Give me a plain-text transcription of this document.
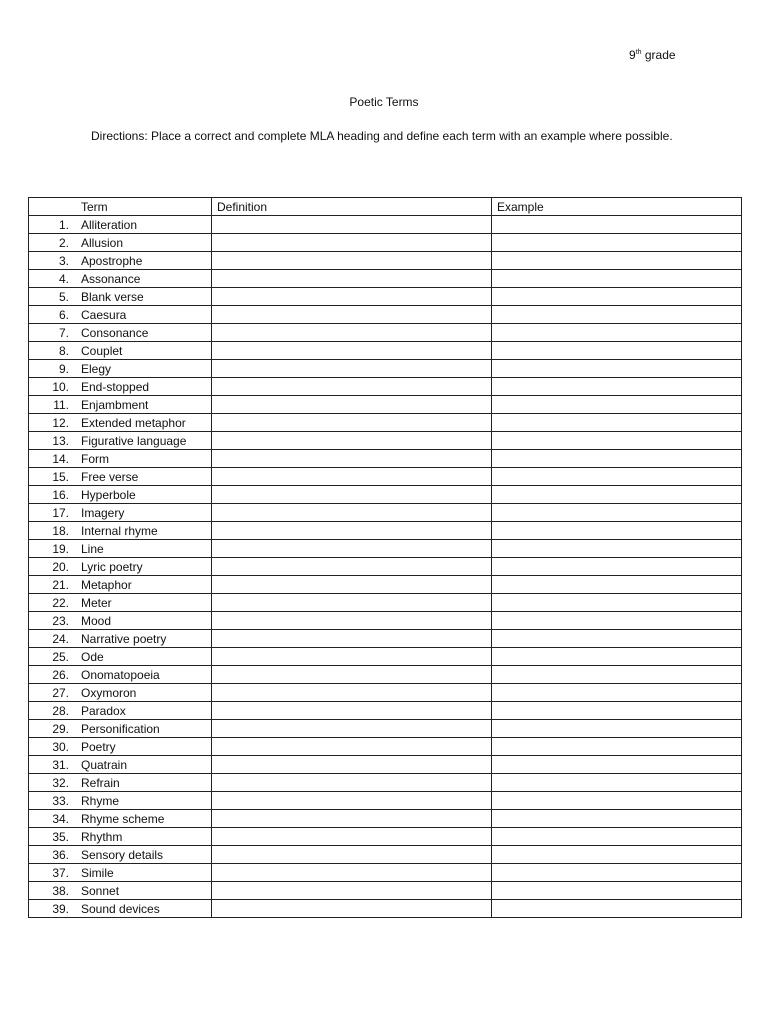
9th grade
Poetic Terms
Directions: Place a correct and complete MLA heading and define each term with an example where possible.
Term	Definition	Example
1. Alliteration		
2. Allusion		
3. Apostrophe		
4. Assonance		
5. Blank verse		
6. Caesura		
7. Consonance		
8. Couplet		
9. Elegy		
10. End-stopped		
11. Enjambment		
12. Extended metaphor		
13. Figurative language		
14. Form		
15. Free verse		
16. Hyperbole		
17. Imagery		
18. Internal rhyme		
19. Line		
20. Lyric poetry		
21. Metaphor		
22. Meter		
23. Mood		
24. Narrative poetry		
25. Ode		
26. Onomatopoeia		
27. Oxymoron		
28. Paradox		
29. Personification		
30. Poetry		
31. Quatrain		
32. Refrain		
33. Rhyme		
34. Rhyme scheme		
35. Rhythm		
36. Sensory details		
37. Simile		
38. Sonnet		
39. Sound devices		
